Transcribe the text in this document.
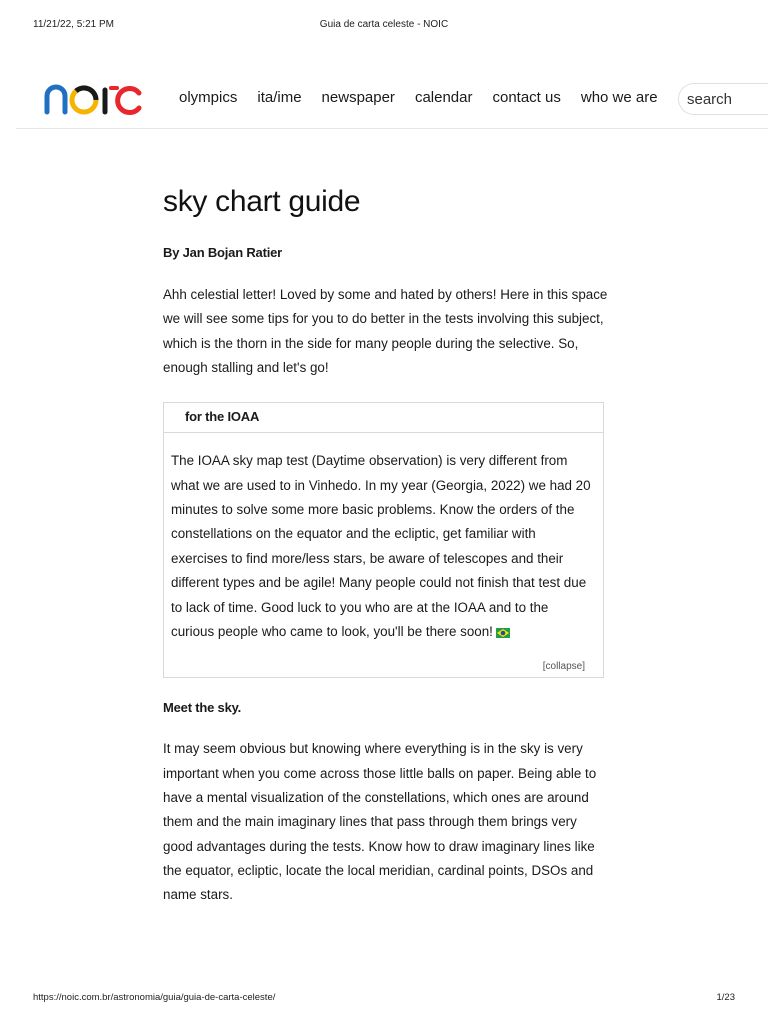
11/21/22, 5:21 PM	Guia de carta celeste - NOIC
olympics ita/ime newspaper calendar contact us who we are
search
sky chart guide
By Jan Bojan Ratier

Ahh celestial letter! Loved by some and hated by others! Here in this space we will see some tips for you to do better in the tests involving this subject, which is the thorn in the side for many people during the selective. So, enough stalling and let's go!

for the IOAA

The IOAA sky map test (Daytime observation) is very different from what we are used to in Vinhedo. In my year (Georgia, 2022) we had 20 minutes to solve some more basic problems. Know the orders of the constellations on the equator and the ecliptic, get familiar with exercises to find more/less stars, be aware of telescopes and their different types and be agile! Many people could not finish that test due to lack of time. Good luck to you who are at the IOAA and to the curious people who came to look, you'll be there soon!

[collapse]
Meet the sky.

It may seem obvious but knowing where everything is in the sky is very important when you come across those little balls on paper. Being able to have a mental visualization of the constellations, which ones are around them and the main imaginary lines that pass through them brings very good advantages during the tests. Know how to draw imaginary lines like the equator, ecliptic, locate the local meridian, cardinal points, DSOs and name stars.

https://noic.com.br/astronomia/guia/guia-de-carta-celeste/	1/23
